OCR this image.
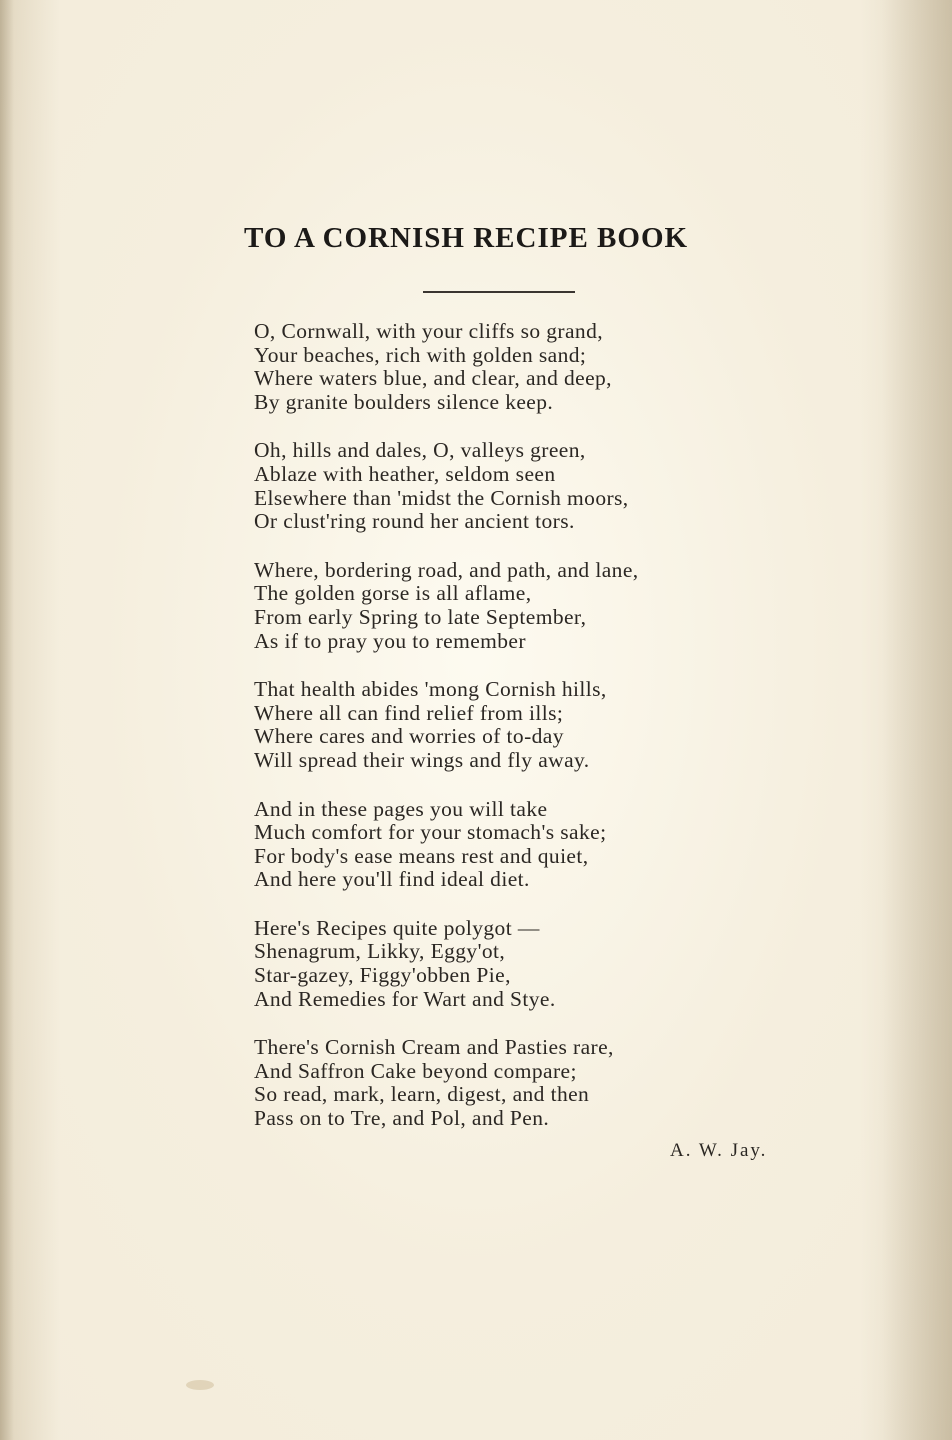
TO A CORNISH RECIPE BOOK
O, Cornwall, with your cliffs so grand,
Your beaches, rich with golden sand;
Where waters blue, and clear, and deep,
By granite boulders silence keep.
Oh, hills and dales, O, valleys green,
Ablaze with heather, seldom seen
Elsewhere than 'midst the Cornish moors,
Or clust'ring round her ancient tors.
Where, bordering road, and path, and lane,
The golden gorse is all aflame,
From early Spring to late September,
As if to pray you to remember
That health abides 'mong Cornish hills,
Where all can find relief from ills;
Where cares and worries of to-day
Will spread their wings and fly away.
And in these pages you will take
Much comfort for your stomach's sake;
For body's ease means rest and quiet,
And here you'll find ideal diet.
Here's Recipes quite polygot —
Shenagrum, Likky, Eggy'ot,
Star-gazey, Figgy'obben Pie,
And Remedies for Wart and Stye.
There's Cornish Cream and Pasties rare,
And Saffron Cake beyond compare;
So read, mark, learn, digest, and then
Pass on to Tre, and Pol, and Pen.
A. W. Jay.
